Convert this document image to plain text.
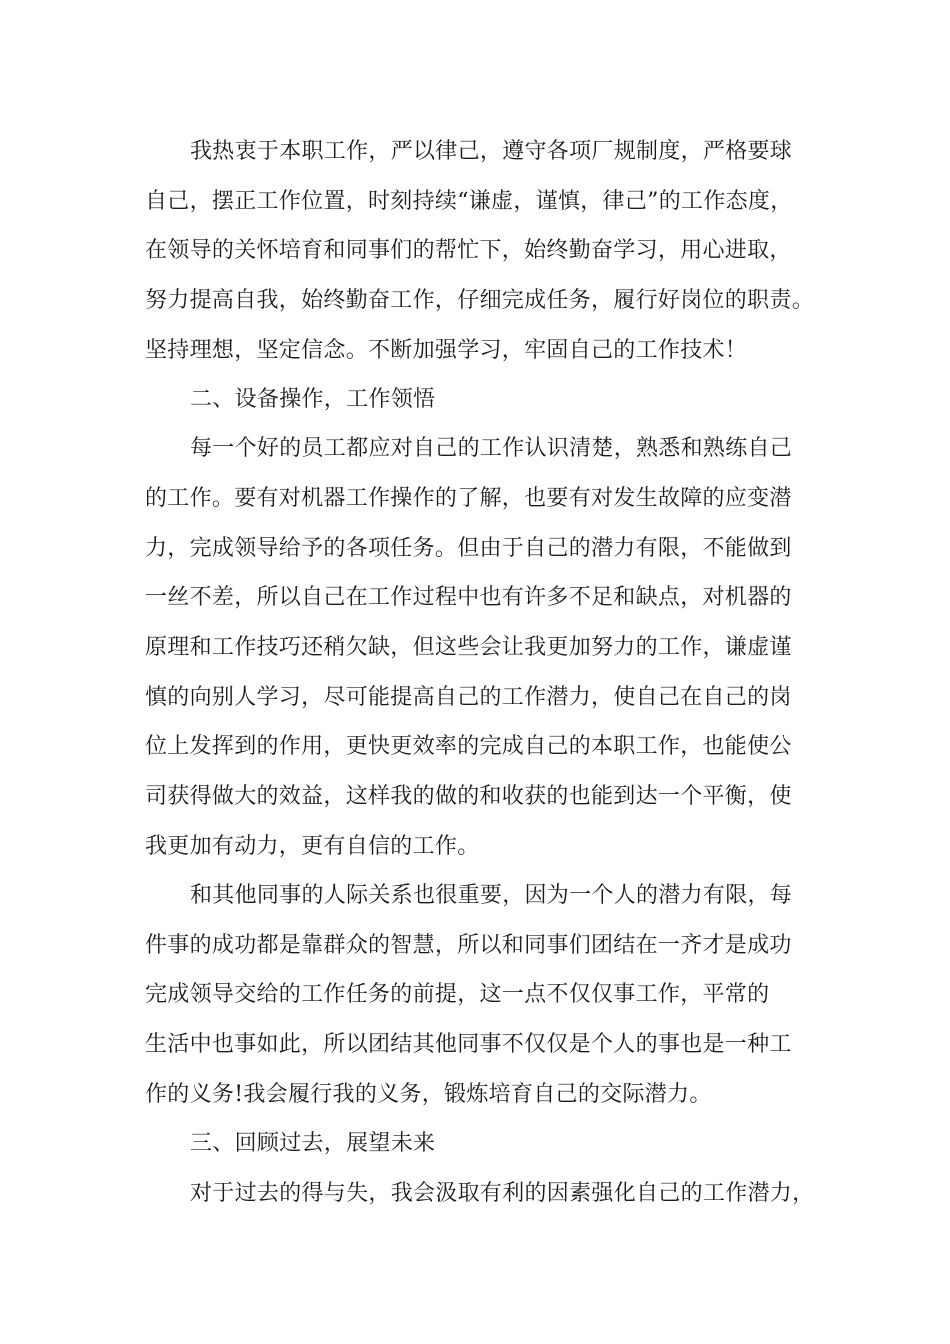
我热衷于本职工作，严以律己，遵守各项厂规制度，严格要球
自己，摆正工作位置，时刻持续“谦虚，谨慎，律己”的工作态度，
在领导的关怀培育和同事们的帮忙下，始终勤奋学习，用心进取，
努力提高自我，始终勤奋工作，仔细完成任务，履行好岗位的职责。
坚持理想，坚定信念。不断加强学习，牢固自己的工作技术！
二、设备操作，工作领悟
每一个好的员工都应对自己的工作认识清楚，熟悉和熟练自己
的工作。要有对机器工作操作的了解，也要有对发生故障的应变潜
力，完成领导给予的各项任务。但由于自己的潜力有限，不能做到
一丝不差，所以自己在工作过程中也有许多不足和缺点，对机器的
原理和工作技巧还稍欠缺，但这些会让我更加努力的工作，谦虚谨
慎的向别人学习，尽可能提高自己的工作潜力，使自己在自己的岗
位上发挥到的作用，更快更效率的完成自己的本职工作，也能使公
司获得做大的效益，这样我的做的和收获的也能到达一个平衡，使
我更加有动力，更有自信的工作。
和其他同事的人际关系也很重要，因为一个人的潜力有限，每
件事的成功都是靠群众的智慧，所以和同事们团结在一齐才是成功
完成领导交给的工作任务的前提，这一点不仅仅事工作，平常的
生活中也事如此，所以团结其他同事不仅仅是个人的事也是一种工
作的义务!我会履行我的义务，锻炼培育自己的交际潜力。
三、回顾过去，展望未来
对于过去的得与失，我会汲取有利的因素强化自己的工作潜力，
